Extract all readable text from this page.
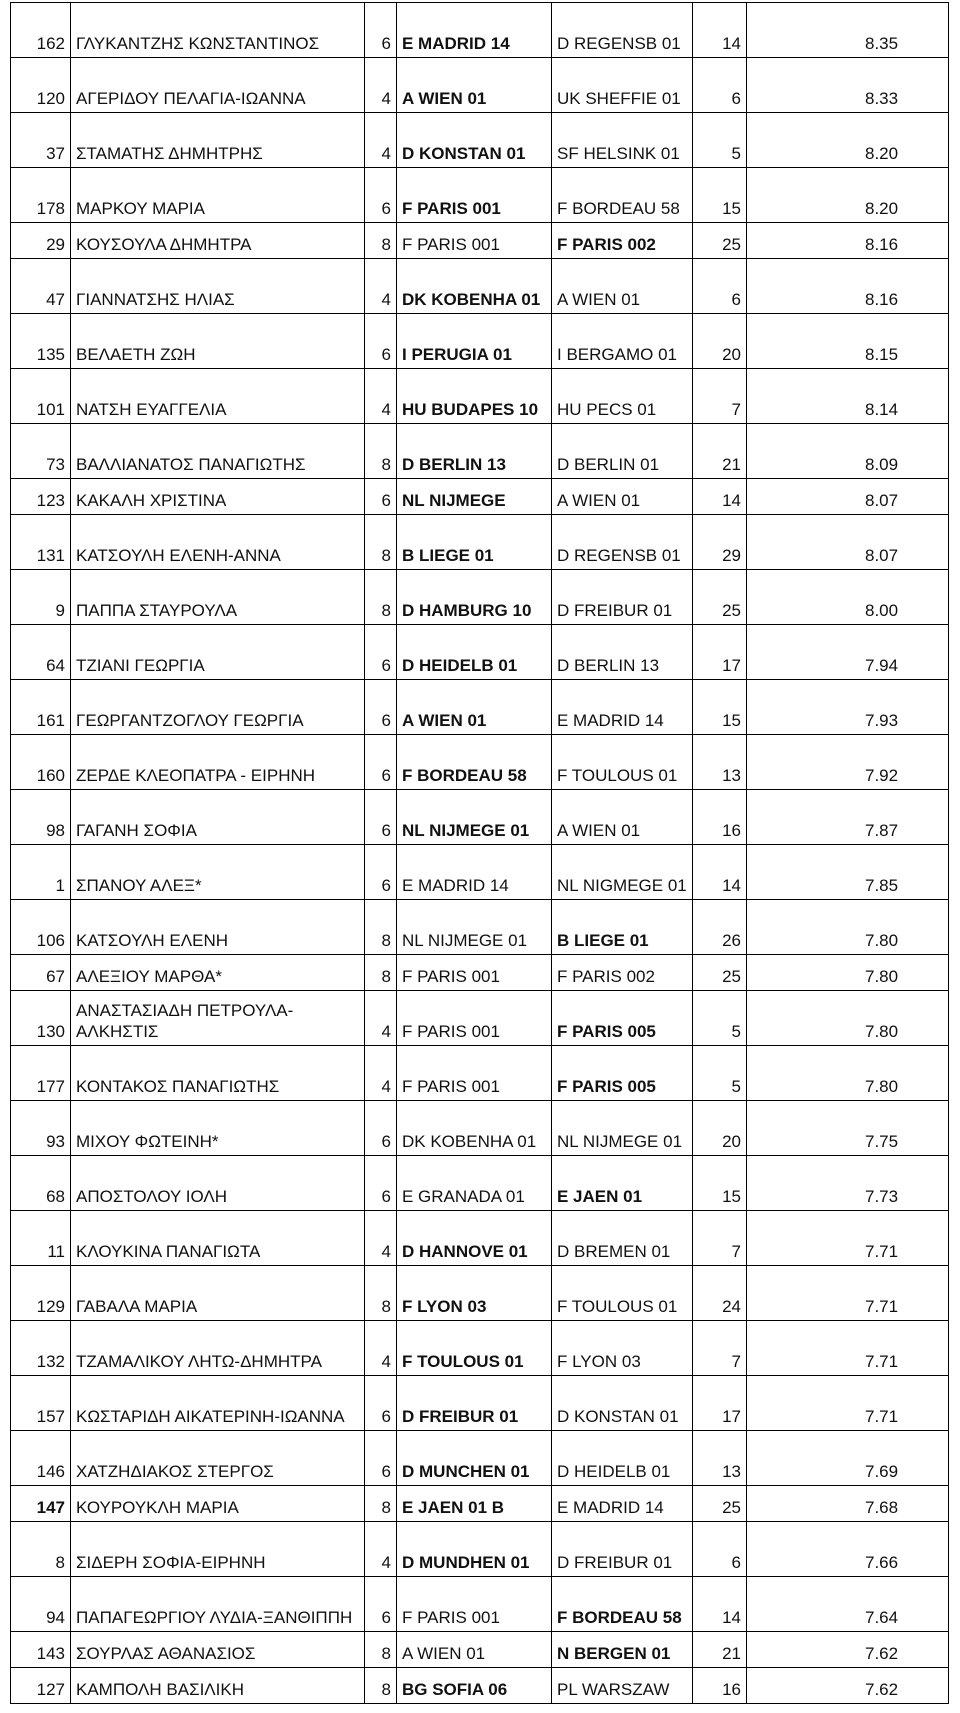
162	ΓΛΥΚΑΝΤΖΗΣ ΚΩΝΣΤΑΝΤΙΝΟΣ	6	E MADRID 14	D REGENSB 01	14	8.35
120	ΑΓΕΡΙΔΟΥ ΠΕΛΑΓΙΑ-ΙΩΑΝΝΑ	4	A WIEN 01	UK SHEFFIE 01	6	8.33
37	ΣΤΑΜΑΤΗΣ ΔΗΜΗΤΡΗΣ	4	D KONSTAN 01	SF HELSINK 01	5	8.20
178	ΜΑΡΚΟΥ ΜΑΡΙΑ	6	F PARIS 001	F BORDEAU 58	15	8.20
29	ΚΟΥΣΟΥΛΑ ΔΗΜΗΤΡΑ	8	F PARIS 001	F PARIS 002	25	8.16
47	ΓΙΑΝΝΑΤΣΗΣ ΗΛΙΑΣ	4	DK KOBENHA 01	A WIEN 01	6	8.16
135	ΒΕΛΑΕΤΗ ΖΩΗ	6	I PERUGIA 01	I BERGAMO 01	20	8.15
101	ΝΑΤΣΗ ΕΥΑΓΓΕΛΙΑ	4	HU BUDAPES 10	HU PECS 01	7	8.14
73	ΒΑΛΛΙΑΝΑΤΟΣ ΠΑΝΑΓΙΩΤΗΣ	8	D BERLIN 13	D BERLIN 01	21	8.09
123	ΚΑΚΑΛΗ ΧΡΙΣΤΙΝΑ	6	NL NIJMEGE	A WIEN 01	14	8.07
131	ΚΑΤΣΟΥΛΗ ΕΛΕΝΗ-ΑΝΝΑ	8	B LIEGE 01	D REGENSB 01	29	8.07
9	ΠΑΠΠΑ ΣΤΑΥΡΟΥΛΑ	8	D HAMBURG 10	D FREIBUR 01	25	8.00
64	ΤΖΙΑΝΙ ΓΕΩΡΓΙΑ	6	D HEIDELB 01	D BERLIN 13	17	7.94
161	ΓΕΩΡΓΑΝΤΖΟΓΛΟΥ ΓΕΩΡΓΙΑ	6	A WIEN 01	E MADRID 14	15	7.93
160	ΖΕΡΔΕ ΚΛΕΟΠΑΤΡΑ - ΕΙΡΗΝΗ	6	F BORDEAU 58	F TOULOUS 01	13	7.92
98	ΓΑΓΑΝΗ ΣΟΦΙΑ	6	NL NIJMEGE 01	A WIEN 01	16	7.87
1	ΣΠΑΝΟΥ ΑΛΕΞ*	6	E MADRID 14	NL NIGMEGE 01	14	7.85
106	ΚΑΤΣΟΥΛΗ ΕΛΕΝΗ	8	NL NIJMEGE 01	B LIEGE 01	26	7.80
67	ΑΛΕΞΙΟΥ ΜΑΡΘΑ*	8	F PARIS 001	F PARIS 002	25	7.80
130	ΑΝΑΣΤΑΣΙΑΔΗ ΠΕΤΡΟΥΛΑ-ΑΛΚΗΣΤΙΣ	4	F PARIS 001	F PARIS 005	5	7.80
177	ΚΟΝΤΑΚΟΣ ΠΑΝΑΓΙΩΤΗΣ	4	F PARIS 001	F PARIS 005	5	7.80
93	ΜΙΧΟΥ ΦΩΤΕΙΝΗ*	6	DK KOBENHA 01	NL NIJMEGE 01	20	7.75
68	ΑΠΟΣΤΟΛΟΥ ΙΟΛΗ	6	E GRANADA 01	E JAEN 01	15	7.73
11	ΚΛΟΥΚΙΝΑ ΠΑΝΑΓΙΩΤΑ	4	D HANNOVE 01	D BREMEN 01	7	7.71
129	ΓΑΒΑΛΑ ΜΑΡΙΑ	8	F LYON 03	F TOULOUS 01	24	7.71
132	ΤΖΑΜΑΛΙΚΟΥ ΛΗΤΩ-ΔΗΜΗΤΡΑ	4	F TOULOUS 01	F LYON 03	7	7.71
157	ΚΩΣΤΑΡΙΔΗ ΑΙΚΑΤΕΡΙΝΗ-ΙΩΑΝΝΑ	6	D FREIBUR 01	D KONSTAN 01	17	7.71
146	ΧΑΤΖΗΔΙΑΚΟΣ ΣΤΕΡΓΟΣ	6	D MUNCHEN 01	D HEIDELB 01	13	7.69
147	ΚΟΥΡΟΥΚΛΗ ΜΑΡΙΑ	8	E JAEN 01 B	E MADRID 14	25	7.68
8	ΣΙΔΕΡΗ ΣΟΦΙΑ-ΕΙΡΗΝΗ	4	D MUNDHEN 01	D FREIBUR 01	6	7.66
94	ΠΑΠΑΓΕΩΡΓΙΟΥ ΛΥΔΙΑ-ΞΑΝΘΙΠΠΗ	6	F PARIS 001	F BORDEAU 58	14	7.64
143	ΣΟΥΡΛΑΣ ΑΘΑΝΑΣΙΟΣ	8	A WIEN 01	N BERGEN 01	21	7.62
127	ΚΑΜΠΟΛΗ ΒΑΣΙΛΙΚΗ	8	BG SOFIA 06	PL WARSZAW	16	7.62
